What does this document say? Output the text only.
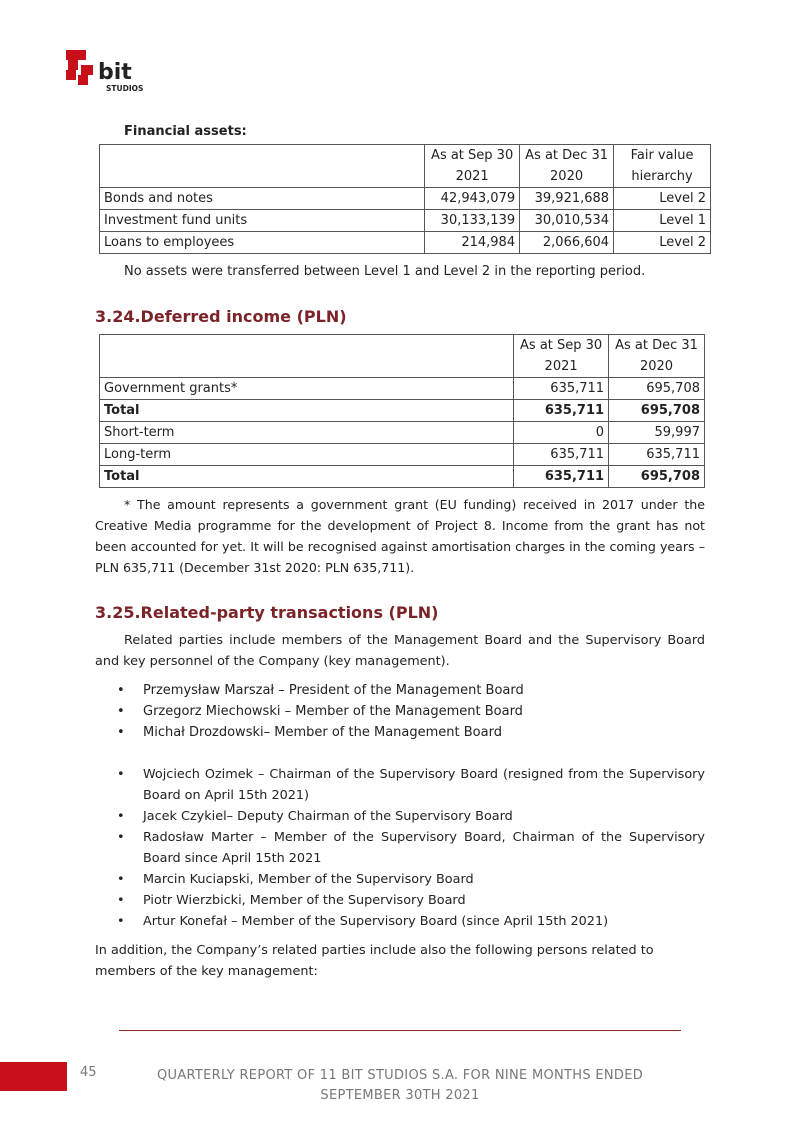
bit
STUDIOS
Financial assets:
	As at Sep 30 2021	As at Dec 31 2020	Fair value hierarchy
Bonds and notes	42,943,079	39,921,688	Level 2
Investment fund units	30,133,139	30,010,534	Level 1
Loans to employees	214,984	2,066,604	Level 2
No assets were transferred between Level 1 and Level 2 in the reporting period.
3.24.Deferred income (PLN)
	As at Sep 30 2021	As at Dec 31 2020
Government grants*	635,711	695,708
Total	635,711	695,708
Short-term	0	59,997
Long-term	635,711	635,711
Total	635,711	695,708
* The amount represents a government grant (EU funding) received in 2017 under the Creative Media programme for the development of Project 8. Income from the grant has not been accounted for yet. It will be recognised against amortisation charges in the coming years – PLN 635,711 (December 31st 2020: PLN 635,711).
3.25.Related-party transactions (PLN)
Related parties include members of the Management Board and the Supervisory Board and key personnel of the Company (key management).
• Przemysław Marszał – President of the Management Board
• Grzegorz Miechowski – Member of the Management Board
• Michał Drozdowski– Member of the Management Board
• Wojciech Ozimek – Chairman of the Supervisory Board (resigned from the Supervisory Board on April 15th 2021)
• Jacek Czykiel– Deputy Chairman of the Supervisory Board
• Radosław Marter – Member of the Supervisory Board, Chairman of the Supervisory Board since April 15th 2021
• Marcin Kuciapski, Member of the Supervisory Board
• Piotr Wierzbicki, Member of the Supervisory Board
• Artur Konefał – Member of the Supervisory Board (since April 15th 2021)
In addition, the Company’s related parties include also the following persons related to members of the key management:
45	QUARTERLY REPORT OF 11 BIT STUDIOS S.A. FOR NINE MONTHS ENDED
SEPTEMBER 30TH 2021
